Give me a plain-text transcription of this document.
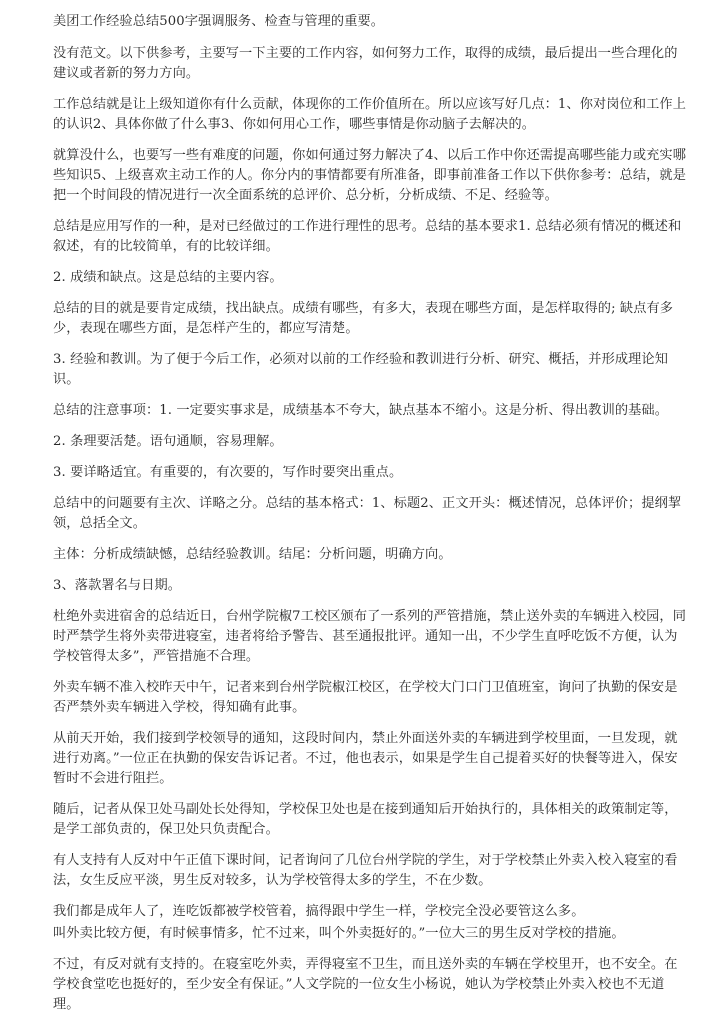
美团工作经验总结500字强调服务、检查与管理的重要。

没有范文。以下供参考，主要写一下主要的工作内容，如何努力工作，取得的成绩，最后提出一些合理化的建议或者新的努力方向。

工作总结就是让上级知道你有什么贡献，体现你的工作价值所在。所以应该写好几点：1、你对岗位和工作上的认识2、具体你做了什么事3、你如何用心工作，哪些事情是你动脑子去解决的。

就算没什么，也要写一些有难度的问题，你如何通过努力解决了4、以后工作中你还需提高哪些能力或充实哪些知识5、上级喜欢主动工作的人。你分内的事情都要有所准备，即事前准备工作以下供你参考：总结，就是把一个时间段的情况进行一次全面系统的总评价、总分析，分析成绩、不足、经验等。

总结是应用写作的一种，是对已经做过的工作进行理性的思考。总结的基本要求1. 总结必须有情况的概述和叙述，有的比较简单，有的比较详细。

2. 成绩和缺点。这是总结的主要内容。

总结的目的就是要肯定成绩，找出缺点。成绩有哪些，有多大，表现在哪些方面，是怎样取得的; 缺点有多少，表现在哪些方面，是怎样产生的，都应写清楚。

3. 经验和教训。为了便于今后工作，必须对以前的工作经验和教训进行分析、研究、概括，并形成理论知识。

总结的注意事项：1. 一定要实事求是，成绩基本不夸大，缺点基本不缩小。这是分析、得出教训的基础。

2. 条理要活楚。语句通顺，容易理解。

3. 要详略适宜。有重要的，有次要的，写作时要突出重点。

总结中的问题要有主次、详略之分。总结的基本格式：1、标题2、正文开头：概述情况，总体评价；提纲挈领，总括全文。

主体：分析成绩缺憾，总结经验教训。结尾：分析问题，明确方向。

3、落款署名与日期。

杜绝外卖进宿舍的总结近日，台州学院椒7工校区颁布了一系列的严管措施，禁止送外卖的车辆进入校园，同时严禁学生将外卖带进寝室，违者将给予警告、甚至通报批评。通知一出，不少学生直呼吃饭不方便，认为学校管得太多”，严管措施不合理。

外卖车辆不准入校昨天中午，记者来到台州学院椒江校区，在学校大门口门卫值班室，询问了执勤的保安是否严禁外卖车辆进入学校，得知确有此事。

从前天开始，我们接到学校领导的通知，这段时间内，禁止外面送外卖的车辆进到学校里面，一旦发现，就进行劝离。”一位正在执勤的保安告诉记者。不过，他也表示，如果是学生自己提着买好的快餐等进入，保安暂时不会进行阻拦。

随后，记者从保卫处马副处长处得知，学校保卫处也是在接到通知后开始执行的，具体相关的政策制定等，是学工部负责的，保卫处只负责配合。

有人支持有人反对中午正值下课时间，记者询问了几位台州学院的学生，对于学校禁止外卖入校入寝室的看法，女生反应平淡，男生反对较多，认为学校管得太多的学生，不在少数。

我们都是成年人了，连吃饭都被学校管着，搞得跟中学生一样，学校完全没必要管这么多。

叫外卖比较方便，有时候事情多，忙不过来，叫个外卖挺好的。”一位大三的男生反对学校的措施。

不过，有反对就有支持的。在寝室吃外卖，弄得寝室不卫生，而且送外卖的车辆在学校里开，也不安全。在学校食堂吃也挺好的，至少安全有保证。”人文学院的一位女生小杨说，她认为学校禁止外卖入校也不无道理。
